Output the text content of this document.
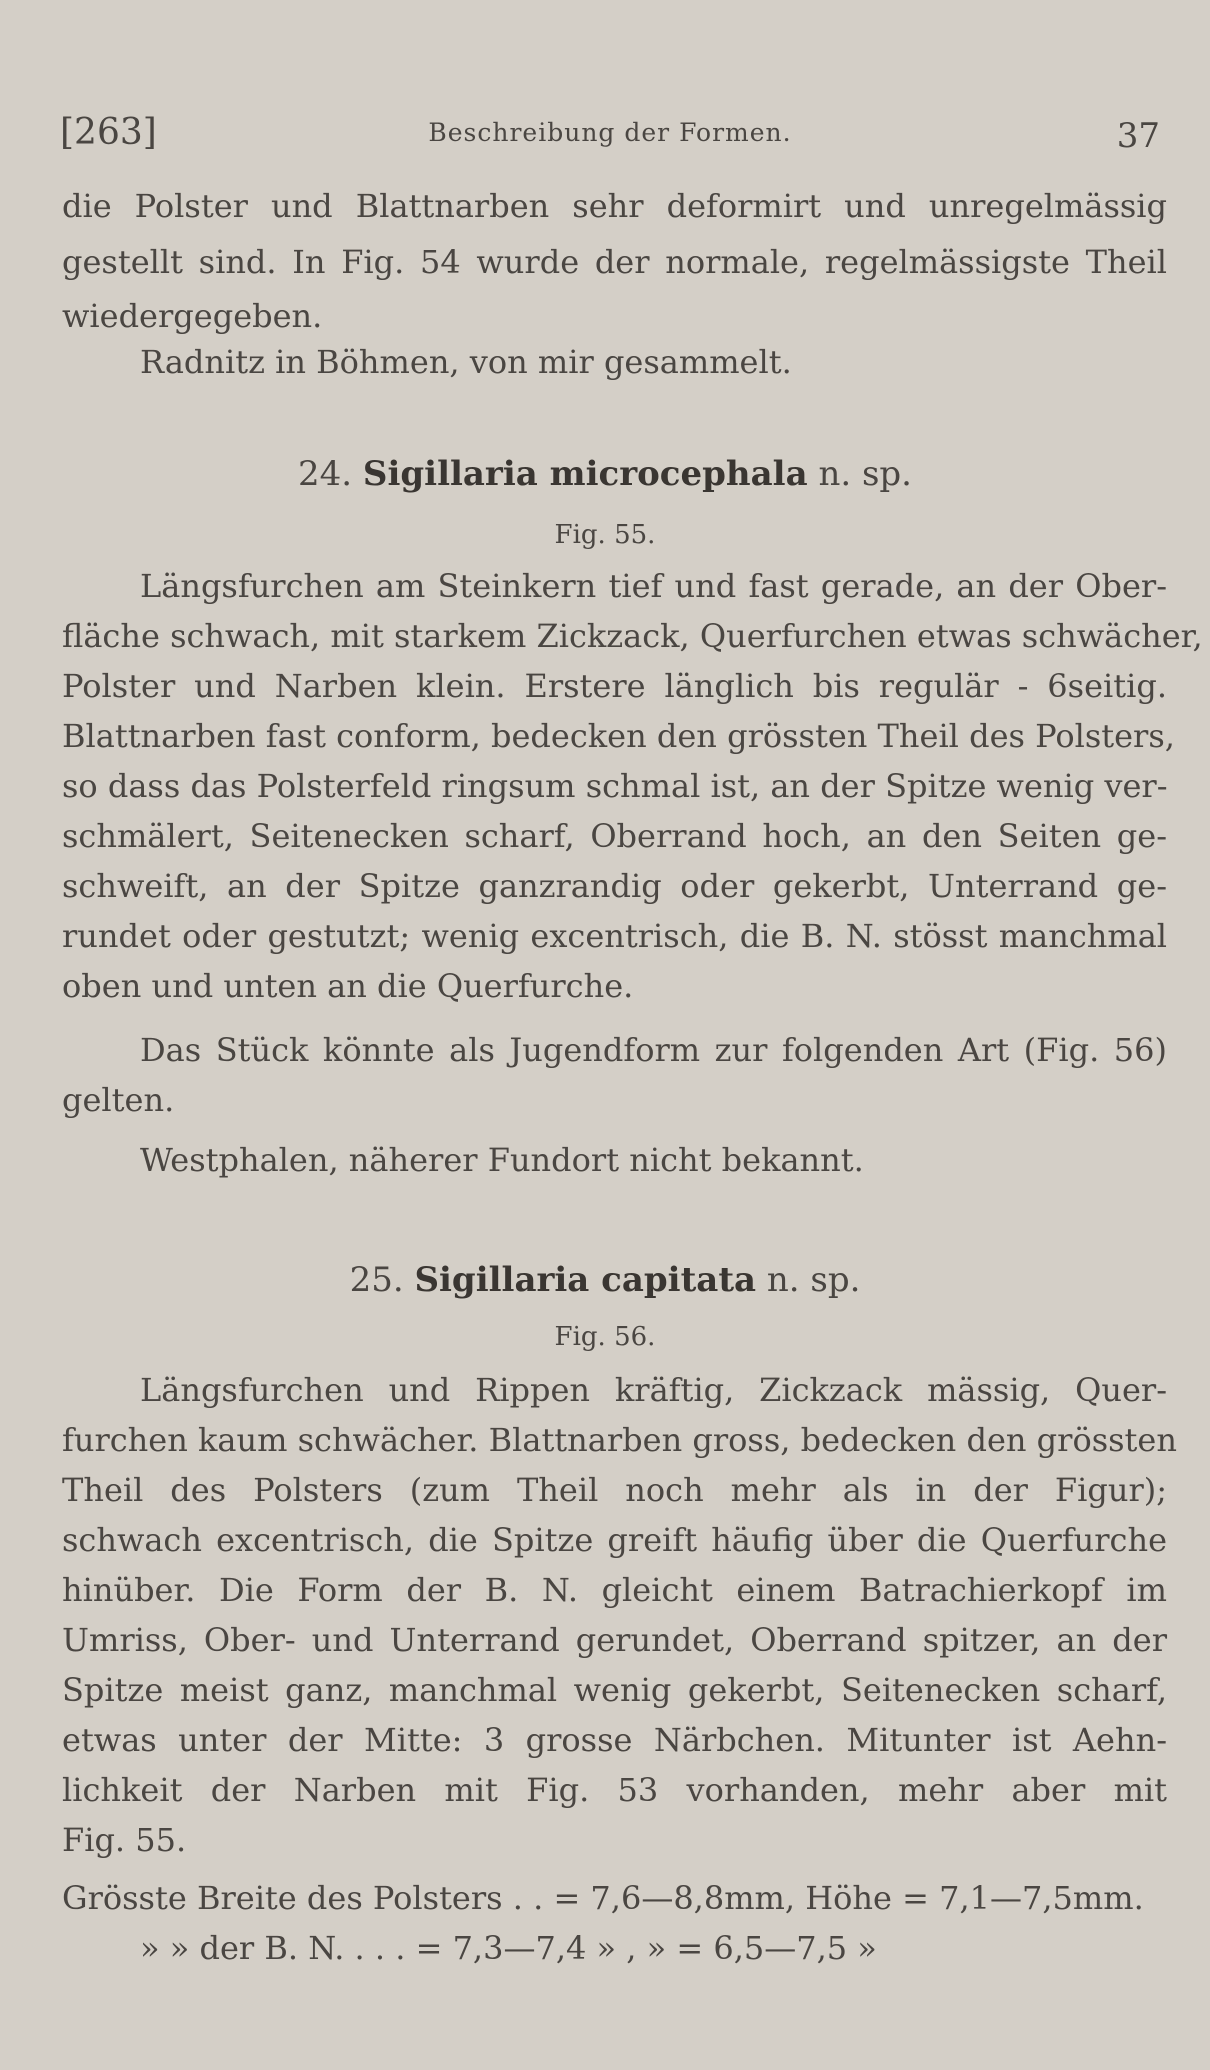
[263]	Beschreibung der Formen.	37
die Polster und Blattnarben sehr deformirt und unregelmässig
gestellt sind. In Fig. 54 wurde der normale, regelmässigste Theil
wiedergegeben.
Radnitz in Böhmen, von mir gesammelt.
24. Sigillaria microcephala n. sp.
Fig. 55.
Längsfurchen am Steinkern tief und fast gerade, an der Ober-
fläche schwach, mit starkem Zickzack, Querfurchen etwas schwächer,
Polster und Narben klein. Erstere länglich bis regulär - 6seitig.
Blattnarben fast conform, bedecken den grössten Theil des Polsters,
so dass das Polsterfeld ringsum schmal ist, an der Spitze wenig ver-
schmälert, Seitenecken scharf, Oberrand hoch, an den Seiten ge-
schweift, an der Spitze ganzrandig oder gekerbt, Unterrand ge-
rundet oder gestutzt; wenig excentrisch, die B. N. stösst manchmal
oben und unten an die Querfurche.
Das Stück könnte als Jugendform zur folgenden Art (Fig. 56)
gelten.
Westphalen, näherer Fundort nicht bekannt.
25. Sigillaria capitata n. sp.
Fig. 56.
Längsfurchen und Rippen kräftig, Zickzack mässig, Quer-
furchen kaum schwächer. Blattnarben gross, bedecken den grössten
Theil des Polsters (zum Theil noch mehr als in der Figur);
schwach excentrisch, die Spitze greift häufig über die Querfurche
hinüber. Die Form der B. N. gleicht einem Batrachierkopf im
Umriss, Ober- und Unterrand gerundet, Oberrand spitzer, an der
Spitze meist ganz, manchmal wenig gekerbt, Seitenecken scharf,
etwas unter der Mitte: 3 grosse Närbchen. Mitunter ist Aehn-
lichkeit der Narben mit Fig. 53 vorhanden, mehr aber mit
Fig. 55.
Grösste Breite des Polsters . . = 7,6—8,8mm, Höhe = 7,1—7,5mm.
» » der B. N. . . . = 7,3—7,4 » , » = 6,5—7,5 »
